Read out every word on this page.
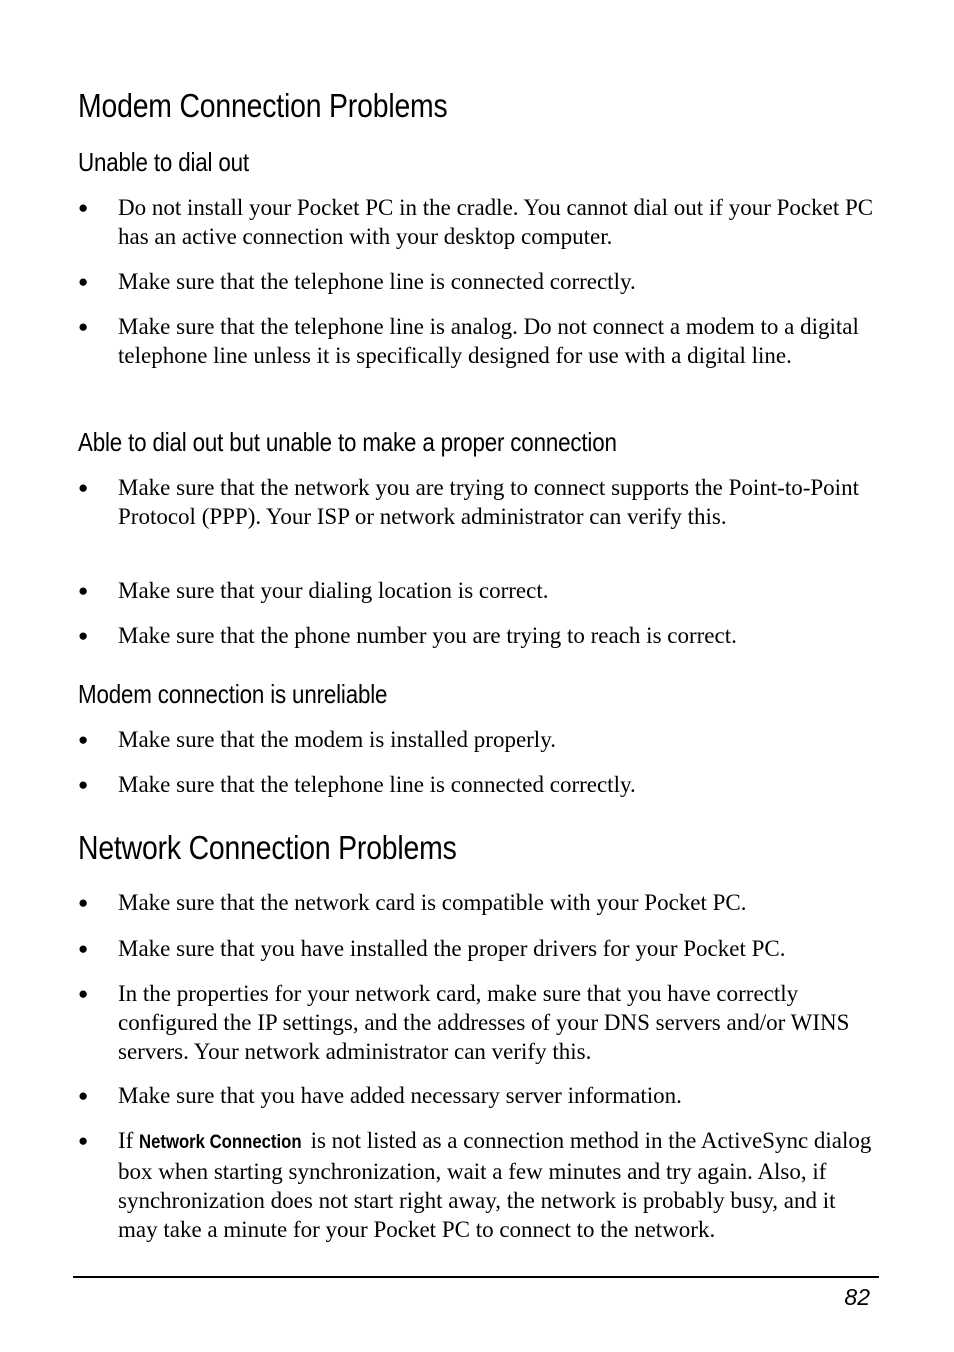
Modem Connection Problems
Unable to dial out
● Do not install your Pocket PC in the cradle. You cannot dial out if your Pocket PC has an active connection with your desktop computer.
● Make sure that the telephone line is connected correctly.
● Make sure that the telephone line is analog. Do not connect a modem to a digital telephone line unless it is specifically designed for use with a digital line.
Able to dial out but unable to make a proper connection
● Make sure that the network you are trying to connect supports the Point-to-Point Protocol (PPP). Your ISP or network administrator can verify this.
● Make sure that your dialing location is correct.
● Make sure that the phone number you are trying to reach is correct.
Modem connection is unreliable
● Make sure that the modem is installed properly.
● Make sure that the telephone line is connected correctly.
Network Connection Problems
● Make sure that the network card is compatible with your Pocket PC.
● Make sure that you have installed the proper drivers for your Pocket PC.
● In the properties for your network card, make sure that you have correctly configured the IP settings, and the addresses of your DNS servers and/or WINS servers. Your network administrator can verify this.
● Make sure that you have added necessary server information.
● If Network Connection is not listed as a connection method in the ActiveSync dialog box when starting synchronization, wait a few minutes and try again. Also, if synchronization does not start right away, the network is probably busy, and it may take a minute for your Pocket PC to connect to the network.
82
